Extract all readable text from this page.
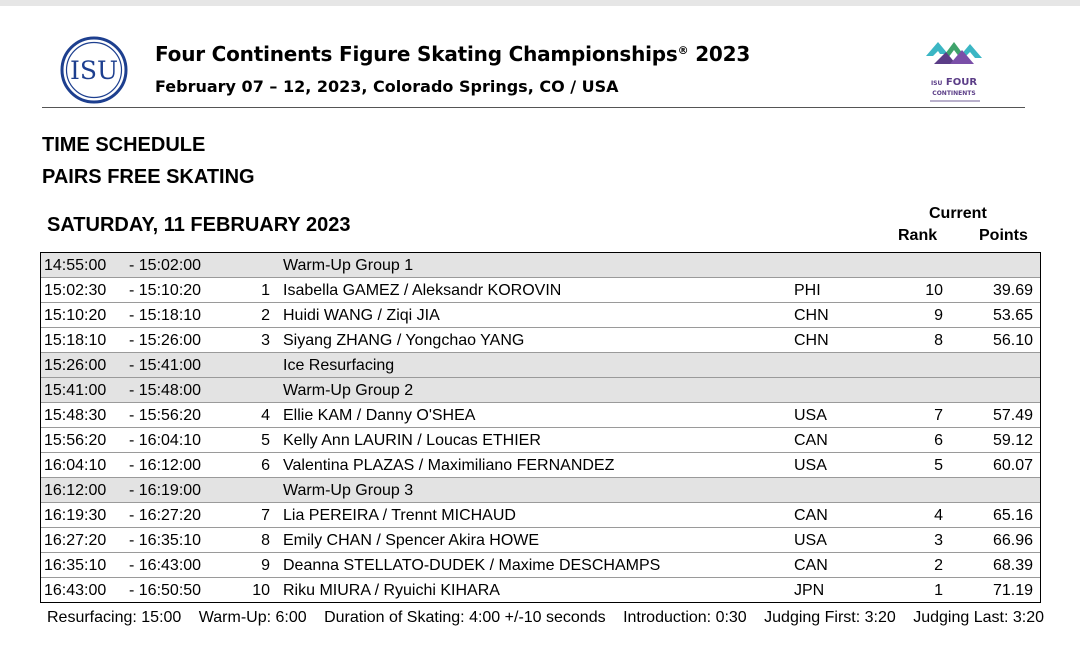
ISU
Four Continents Figure Skating Championships® 2023
February 07 – 12, 2023, Colorado Springs, CO / USA	ISU FOUR
CONTINENTS
TIME SCHEDULE
PAIRS FREE SKATING
SATURDAY, 11 FEBRUARY 2023
Current
Rank	Points
14:55:00 - 15:02:00	Warm-Up Group 1
15:02:30 - 15:10:20	1 Isabella GAMEZ / Aleksandr KOROVIN	PHI	10	39.69
15:10:20 - 15:18:10	2 Huidi WANG / Ziqi JIA	CHN	9	53.65
15:18:10 - 15:26:00	3 Siyang ZHANG / Yongchao YANG	CHN	8	56.10
15:26:00 - 15:41:00	Ice Resurfacing
15:41:00 - 15:48:00	Warm-Up Group 2
15:48:30 - 15:56:20	4 Ellie KAM / Danny O'SHEA	USA	7	57.49
15:56:20 - 16:04:10	5 Kelly Ann LAURIN / Loucas ETHIER	CAN	6	59.12
16:04:10 - 16:12:00	6 Valentina PLAZAS / Maximiliano FERNANDEZ	USA	5	60.07
16:12:00 - 16:19:00	Warm-Up Group 3
16:19:30 - 16:27:20	7 Lia PEREIRA / Trennt MICHAUD	CAN	4	65.16
16:27:20 - 16:35:10	8 Emily CHAN / Spencer Akira HOWE	USA	3	66.96
16:35:10 - 16:43:00	9 Deanna STELLATO-DUDEK / Maxime DESCHAMPS	CAN	2	68.39
16:43:00 - 16:50:50	10 Riku MIURA / Ryuichi KIHARA	JPN	1	71.19
Resurfacing: 15:00 Warm-Up: 6:00 Duration of Skating: 4:00 +/-10 seconds Introduction: 0:30 Judging First: 3:20 Judging Last: 3:20
